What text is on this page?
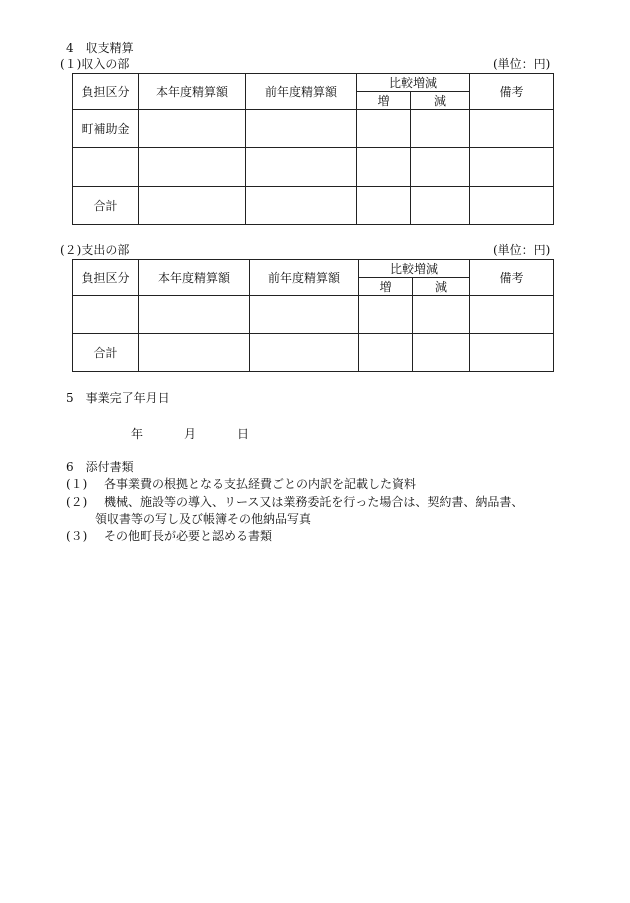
4　収支精算
(１)収入の部	(単位：円)
負担区分	本年度精算額	前年度精算額	比較増減		備考
			増	減	
町補助金					

合計					
(２)支出の部	(単位：円)
負担区分	本年度精算額	前年度精算額	比較増減		備考
			増	減	

合計					
5　事業完了年月日
年	月	日
6　添付書類
(１) 各事業費の根拠となる支払経費ごとの内訳を記載した資料
(２) 機械、施設等の導入、リース又は業務委託を行った場合は、契約書、納品書、
領収書等の写し及び帳簿その他納品写真
(３) その他町長が必要と認める書類
